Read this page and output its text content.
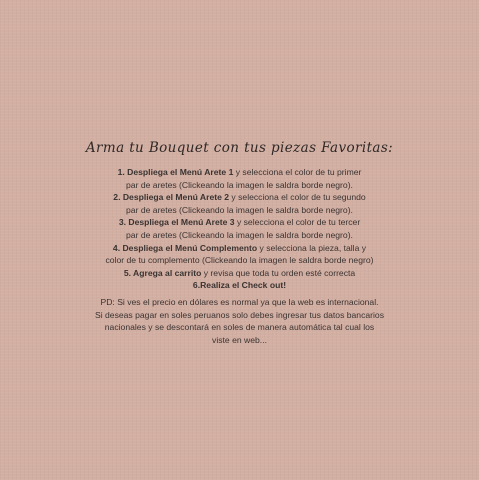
Arma tu Bouquet con tus piezas Favoritas:
1. Despliega el Menú Arete 1 y selecciona el color de tu primer
par de aretes (Clickeando la imagen le saldra borde negro).
2. Despliega el Menú Arete 2 y selecciona el color de tu segundo
par de aretes (Clickeando la imagen le saldra borde negro).
3. Despliega el Menú Arete 3 y selecciona el color de tu tercer
par de aretes (Clickeando la imagen le saldra borde negro).
4. Despliega el Menú Complemento y selecciona la pieza, talla y
color de tu complemento (Clickeando la imagen le saldra borde negro)
5. Agrega al carrito y revisa que toda tu orden esté correcta
6.Realiza el Check out!
PD: Si ves el precio en dólares es normal ya que la web es internacional.
Si deseas pagar en soles peruanos solo debes ingresar tus datos bancarios
nacionales y se descontará en soles de manera automática tal cual los
viste en web...
